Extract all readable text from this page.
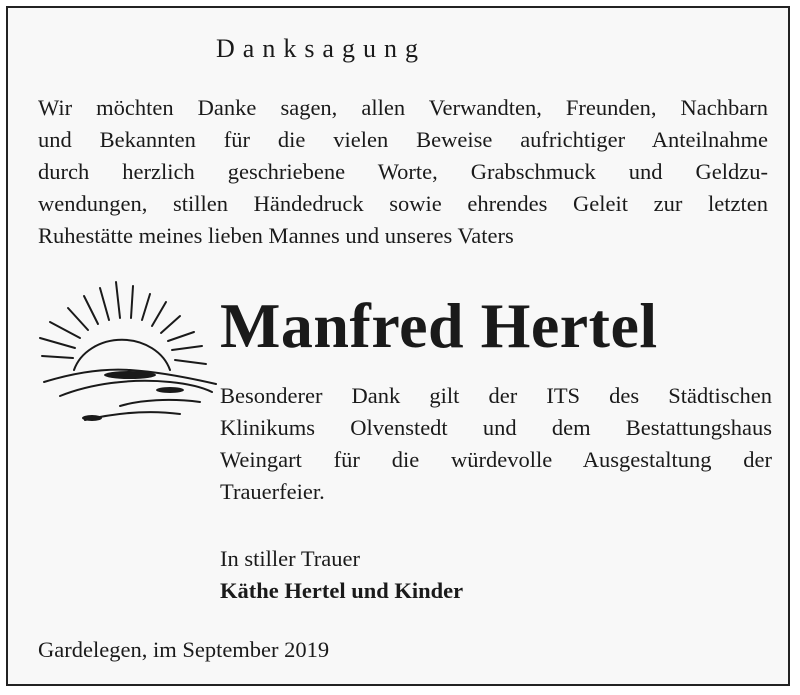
Danksagung
Wir möchten Danke sagen, allen Verwandten, Freunden, Nachbarn
und Bekannten für die vielen Beweise aufrichtiger Anteilnahme
durch herzlich geschriebene Worte, Grabschmuck und Geldzu-
wendungen, stillen Händedruck sowie ehrendes Geleit zur letzten
Ruhestätte meines lieben Mannes und unseres Vaters
Manfred Hertel
Besonderer Dank gilt der ITS des Städtischen
Klinikums Olvenstedt und dem Bestattungshaus
Weingart für die würdevolle Ausgestaltung der
Trauerfeier.
In stiller Trauer
Käthe Hertel und Kinder
Gardelegen, im September 2019
